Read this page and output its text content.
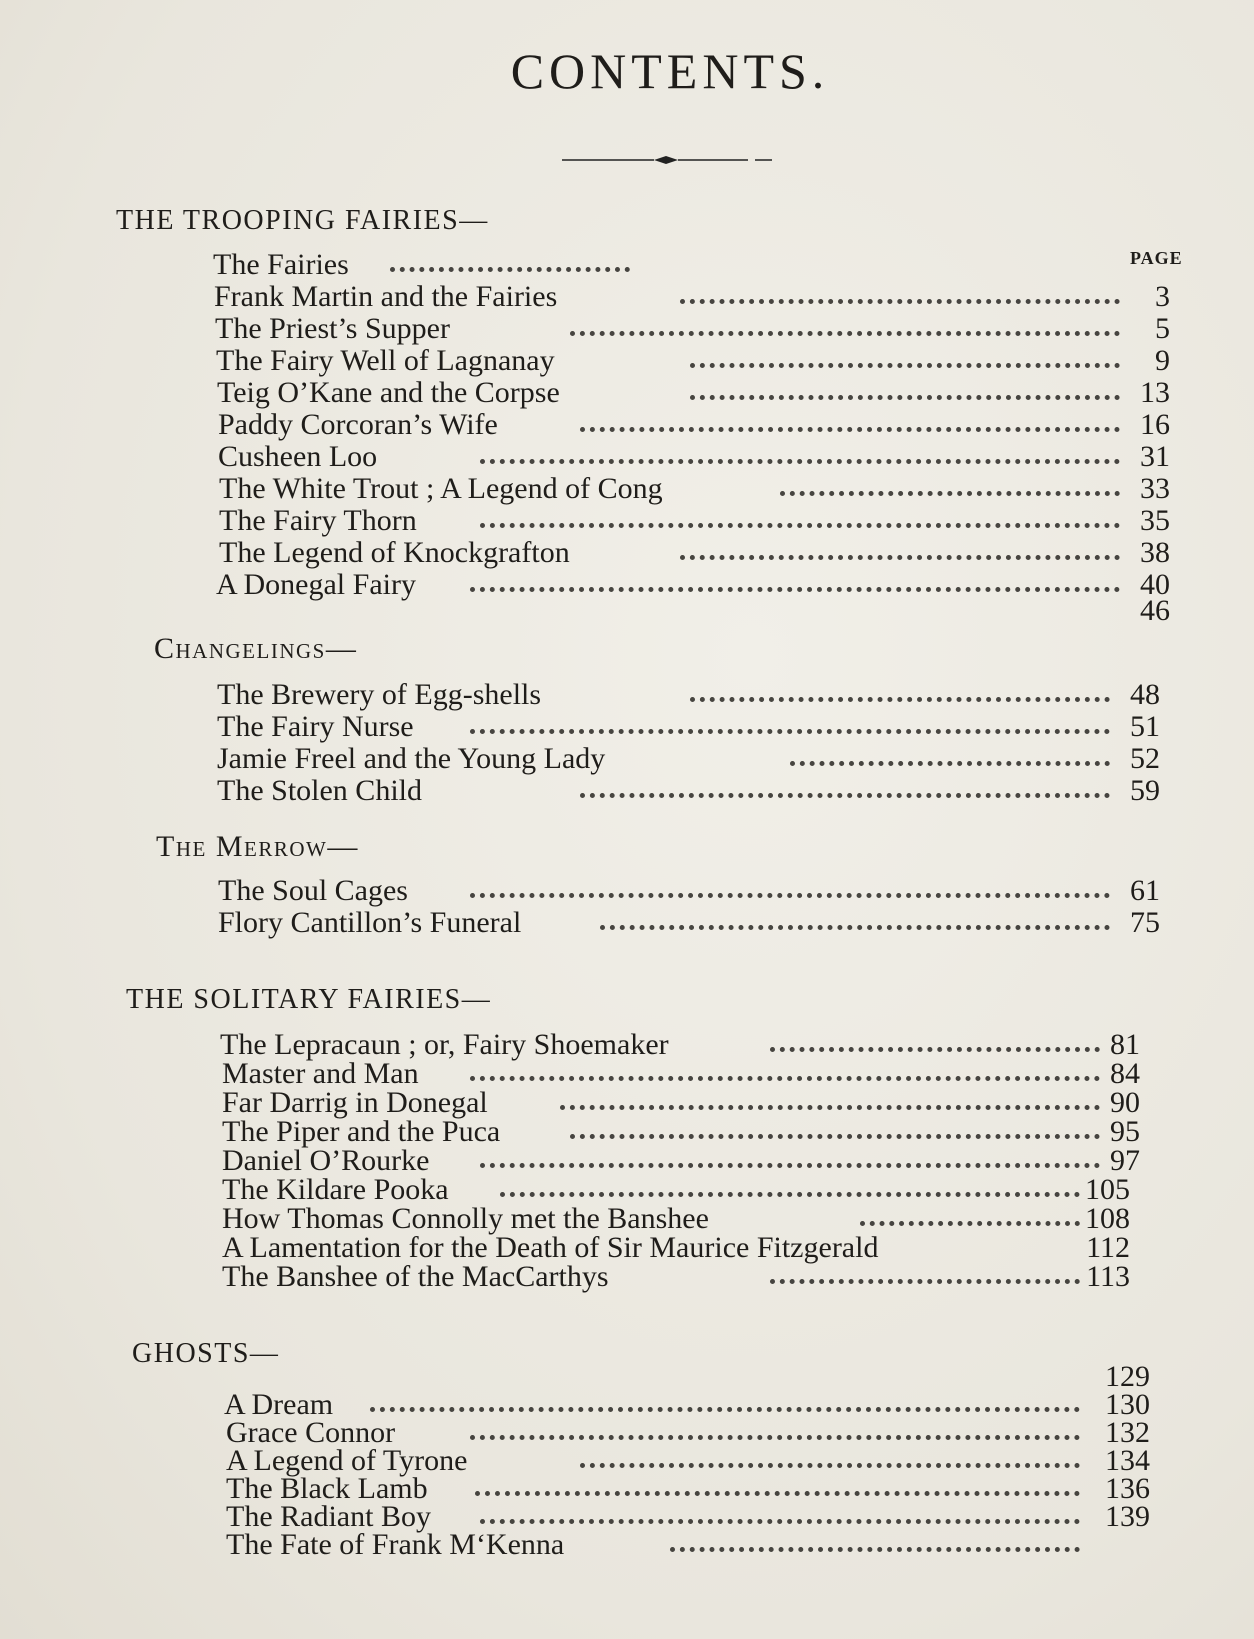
CONTENTS.
PAGE
THE TROOPING FAIRIES—
The Fairies
Frank Martin and the Fairies	3
The Priest’s Supper	5
The Fairy Well of Lagnanay	9
Teig O’Kane and the Corpse	13
Paddy Corcoran’s Wife	16
Cusheen Loo	31
The White Trout ; A Legend of Cong	33
The Fairy Thorn	35
The Legend of Knockgrafton	38
A Donegal Fairy	40
46
Changelings—
The Brewery of Egg-shells	48
The Fairy Nurse	51
Jamie Freel and the Young Lady	52
The Stolen Child	59
The Merrow—
The Soul Cages	61
Flory Cantillon’s Funeral	75
THE SOLITARY FAIRIES—
The Lepracaun ; or, Fairy Shoemaker	81
Master and Man	84
Far Darrig in Donegal	90
The Piper and the Puca	95
Daniel O’Rourke	97
The Kildare Pooka	105
How Thomas Connolly met the Banshee	108
A Lamentation for the Death of Sir Maurice Fitzgerald	112
The Banshee of the MacCarthys	113
GHOSTS—
129
A Dream	130
Grace Connor	132
A Legend of Tyrone	134
The Black Lamb	136
The Radiant Boy	139
The Fate of Frank M‘Kenna
